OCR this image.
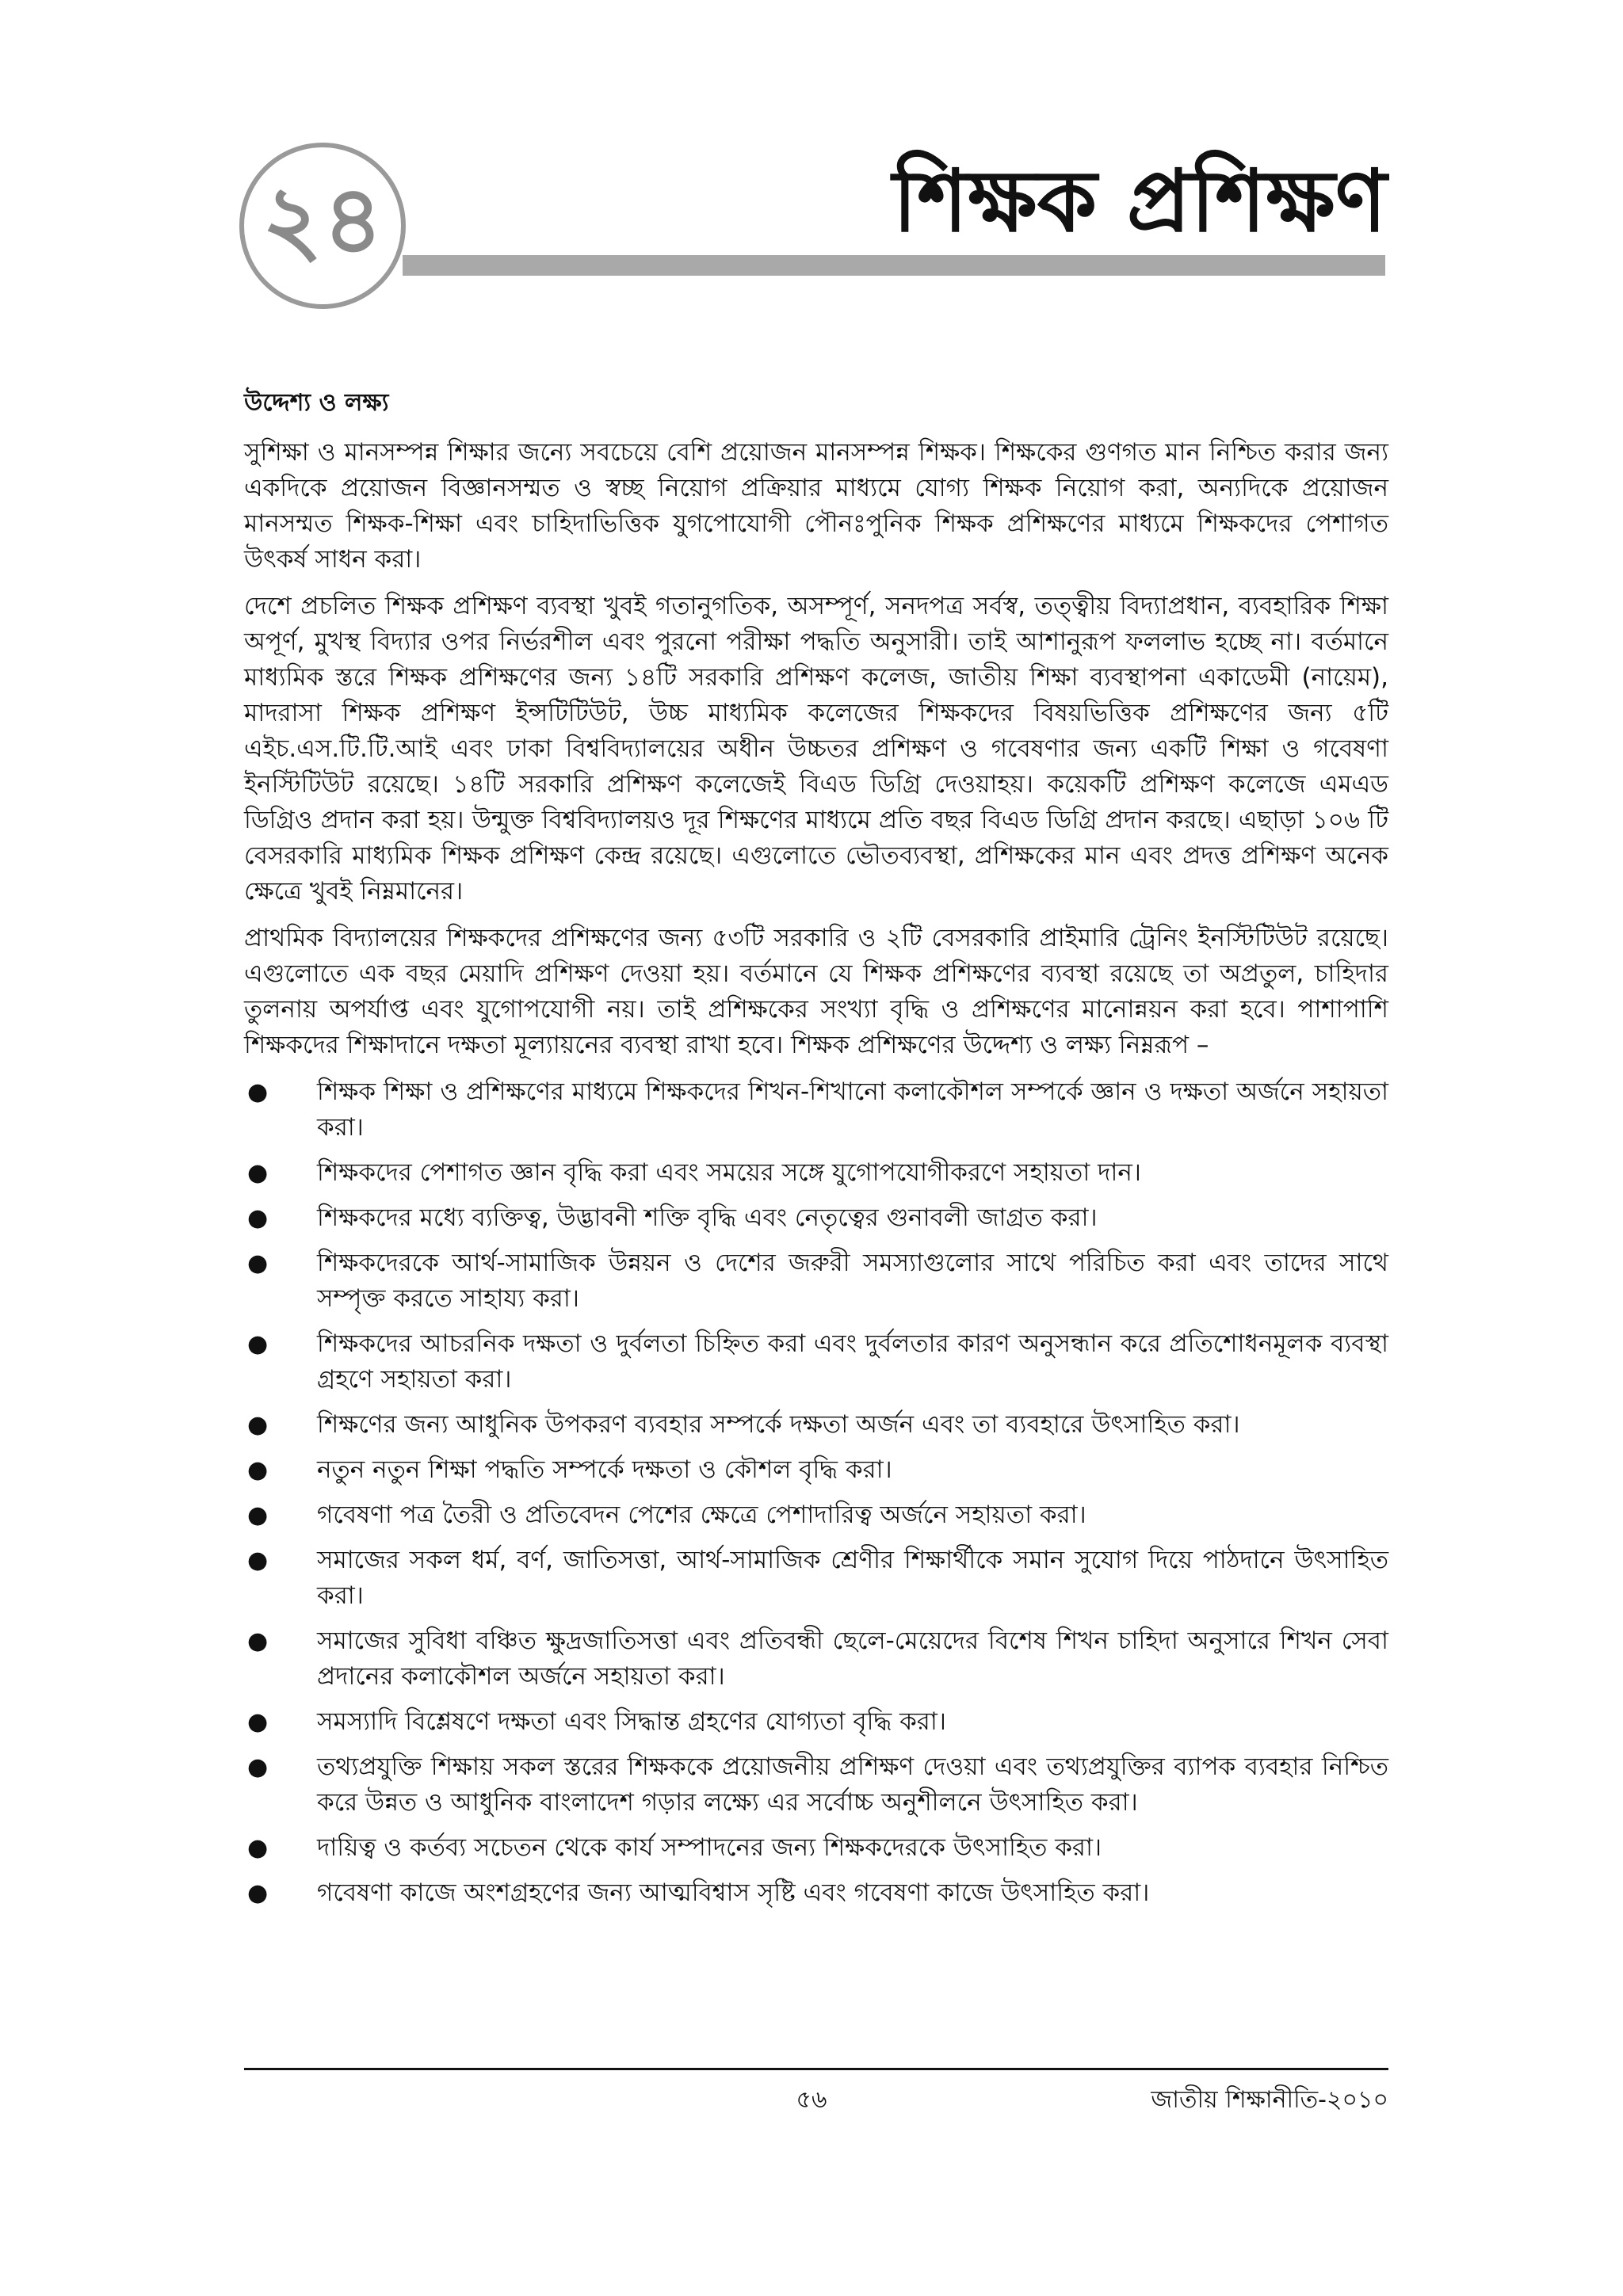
২৪	শিক্ষক প্রশিক্ষণ
উদ্দেশ্য ও লক্ষ্য

সুশিক্ষা ও মানসম্পন্ন শিক্ষার জন্যে সবচেয়ে বেশি প্রয়োজন মানসম্পন্ন শিক্ষক। শিক্ষকের গুণগত মান নিশ্চিত করার জন্য একদিকে প্রয়োজন বিজ্ঞানসম্মত ও স্বচ্ছ নিয়োগ প্রক্রিয়ার মাধ্যমে যোগ্য শিক্ষক নিয়োগ করা, অন্যদিকে প্রয়োজন মানসম্মত শিক্ষক-শিক্ষা এবং চাহিদাভিত্তিক যুগপোযোগী পৌনঃপুনিক শিক্ষক প্রশিক্ষণের মাধ্যমে শিক্ষকদের পেশাগত উৎকর্ষ সাধন করা।

দেশে প্রচলিত শিক্ষক প্রশিক্ষণ ব্যবস্থা খুবই গতানুগতিক, অসম্পূর্ণ, সনদপত্র সর্বস্ব, তত্ত্বীয় বিদ্যাপ্রধান, ব্যবহারিক শিক্ষা অপূর্ণ, মুখস্থ বিদ্যার ওপর নির্ভরশীল এবং পুরনো পরীক্ষা পদ্ধতি অনুসারী। তাই আশানুরূপ ফললাভ হচ্ছে না। বর্তমানে মাধ্যমিক স্তরে শিক্ষক প্রশিক্ষণের জন্য ১৪টি সরকারি প্রশিক্ষণ কলেজ, জাতীয় শিক্ষা ব্যবস্থাপনা একাডেমী (নায়েম), মাদরাসা শিক্ষক প্রশিক্ষণ ইন্সটিটিউট, উচ্চ মাধ্যমিক কলেজের শিক্ষকদের বিষয়ভিত্তিক প্রশিক্ষণের জন্য ৫টি এইচ.এস.টি.টি.আই এবং ঢাকা বিশ্ববিদ্যালয়ের অধীন উচ্চতর প্রশিক্ষণ ও গবেষণার জন্য একটি শিক্ষা ও গবেষণা ইনস্টিটিউট রয়েছে। ১৪টি সরকারি প্রশিক্ষণ কলেজেই বিএড ডিগ্রি দেওয়াহয়। কয়েকটি প্রশিক্ষণ কলেজে এমএড ডিগ্রিও প্রদান করা হয়। উন্মুক্ত বিশ্ববিদ্যালয়ও দূর শিক্ষণের মাধ্যমে প্রতি বছর বিএড ডিগ্রি প্রদান করছে। এছাড়া ১০৬ টি বেসরকারি মাধ্যমিক শিক্ষক প্রশিক্ষণ কেন্দ্র রয়েছে। এগুলোতে ভৌতব্যবস্থা, প্রশিক্ষকের মান এবং প্রদত্ত প্রশিক্ষণ অনেক ক্ষেত্রে খুবই নিম্নমানের।

প্রাথমিক বিদ্যালয়ের শিক্ষকদের প্রশিক্ষণের জন্য ৫৩টি সরকারি ও ২টি বেসরকারি প্রাইমারি ট্রেনিং ইনস্টিটিউট রয়েছে। এগুলোতে এক বছর মেয়াদি প্রশিক্ষণ দেওয়া হয়। বর্তমানে যে শিক্ষক প্রশিক্ষণের ব্যবস্থা রয়েছে তা অপ্রতুল, চাহিদার তুলনায় অপর্যাপ্ত এবং যুগোপযোগী নয়। তাই প্রশিক্ষকের সংখ্যা বৃদ্ধি ও প্রশিক্ষণের মানোন্নয়ন করা হবে। পাশাপাশি শিক্ষকদের শিক্ষাদানে দক্ষতা মূল্যায়নের ব্যবস্থা রাখা হবে। শিক্ষক প্রশিক্ষণের উদ্দেশ্য ও লক্ষ্য নিম্নরূপ –

● শিক্ষক শিক্ষা ও প্রশিক্ষণের মাধ্যমে শিক্ষকদের শিখন-শিখানো কলাকৌশল সম্পর্কে জ্ঞান ও দক্ষতা অর্জনে সহায়তা করা।
● শিক্ষকদের পেশাগত জ্ঞান বৃদ্ধি করা এবং সময়ের সঙ্গে যুগোপযোগীকরণে সহায়তা দান।
● শিক্ষকদের মধ্যে ব্যক্তিত্ব, উদ্ভাবনী শক্তি বৃদ্ধি এবং নেতৃত্বের গুনাবলী জাগ্রত করা।
● শিক্ষকদেরকে আর্থ-সামাজিক উন্নয়ন ও দেশের জরুরী সমস্যাগুলোর সাথে পরিচিত করা এবং তাদের সাথে সম্পৃক্ত করতে সাহায্য করা।
● শিক্ষকদের আচরনিক দক্ষতা ও দুর্বলতা চিহ্নিত করা এবং দুর্বলতার কারণ অনুসন্ধান করে প্রতিশোধনমূলক ব্যবস্থা গ্রহণে সহায়তা করা।
● শিক্ষণের জন্য আধুনিক উপকরণ ব্যবহার সম্পর্কে দক্ষতা অর্জন এবং তা ব্যবহারে উৎসাহিত করা।
● নতুন নতুন শিক্ষা পদ্ধতি সম্পর্কে দক্ষতা ও কৌশল বৃদ্ধি করা।
● গবেষণা পত্র তৈরী ও প্রতিবেদন পেশের ক্ষেত্রে পেশাদারিত্ব অর্জনে সহায়তা করা।
● সমাজের সকল ধর্ম, বর্ণ, জাতিসত্তা, আর্থ-সামাজিক শ্রেণীর শিক্ষার্থীকে সমান সুযোগ দিয়ে পাঠদানে উৎসাহিত করা।
● সমাজের সুবিধা বঞ্চিত ক্ষুদ্রজাতিসত্তা এবং প্রতিবন্ধী ছেলে-মেয়েদের বিশেষ শিখন চাহিদা অনুসারে শিখন সেবা প্রদানের কলাকৌশল অর্জনে সহায়তা করা।
● সমস্যাদি বিশ্লেষণে দক্ষতা এবং সিদ্ধান্ত গ্রহণের যোগ্যতা বৃদ্ধি করা।
● তথ্যপ্রযুক্তি শিক্ষায় সকল স্তরের শিক্ষককে প্রয়োজনীয় প্রশিক্ষণ দেওয়া এবং তথ্যপ্রযুক্তির ব্যাপক ব্যবহার নিশ্চিত করে উন্নত ও আধুনিক বাংলাদেশ গড়ার লক্ষ্যে এর সর্বোচ্চ অনুশীলনে উৎসাহিত করা।
● দায়িত্ব ও কর্তব্য সচেতন থেকে কার্য সম্পাদনের জন্য শিক্ষকদেরকে উৎসাহিত করা।
● গবেষণা কাজে অংশগ্রহণের জন্য আত্মবিশ্বাস সৃষ্টি এবং গবেষণা কাজে উৎসাহিত করা।
৫৬	জাতীয় শিক্ষানীতি-২০১০
